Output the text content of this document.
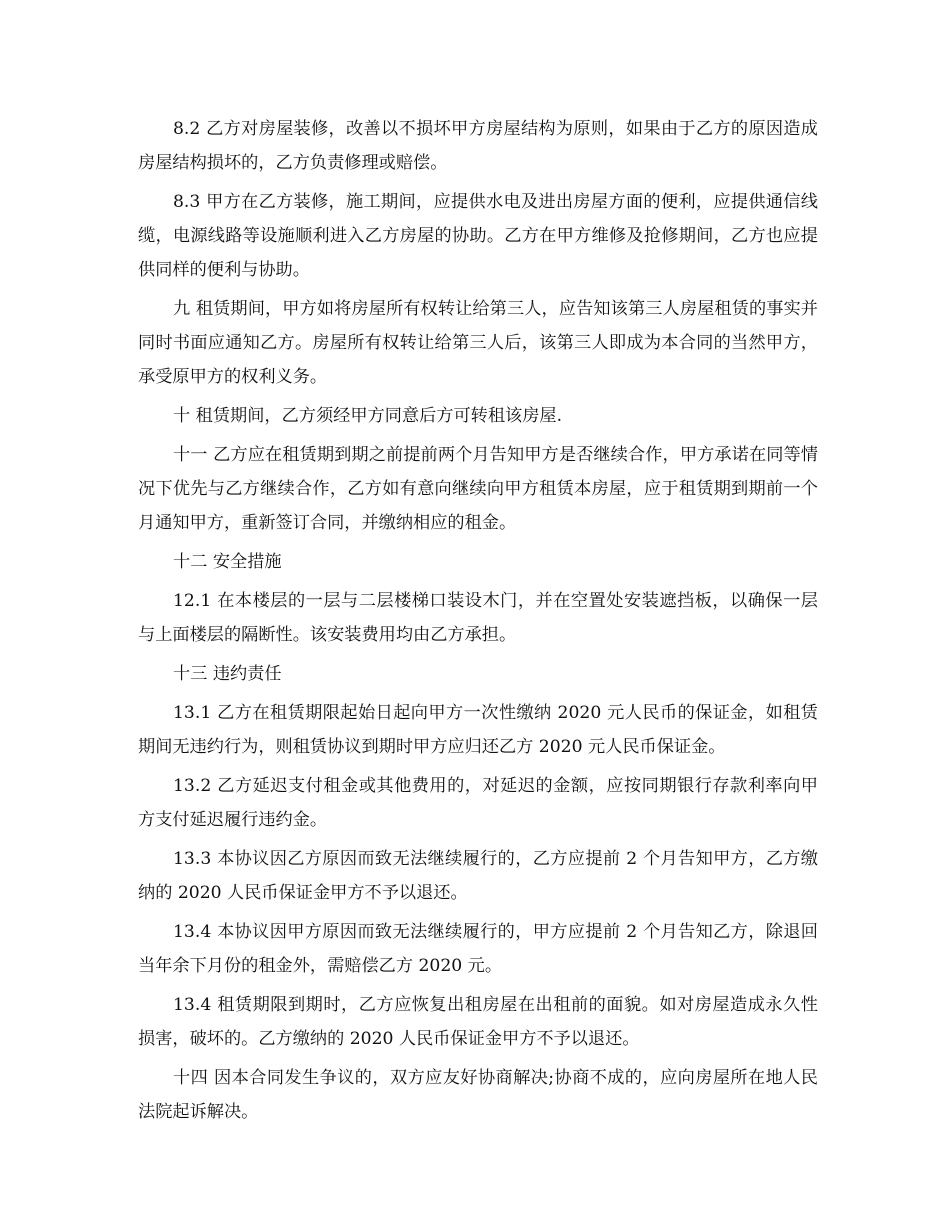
8.2 乙方对房屋装修，改善以不损坏甲方房屋结构为原则，如果由于乙方的原因造成房屋结构损坏的，乙方负责修理或赔偿。

8.3 甲方在乙方装修，施工期间，应提供水电及进出房屋方面的便利，应提供通信线缆，电源线路等设施顺利进入乙方房屋的协助。乙方在甲方维修及抢修期间，乙方也应提供同样的便利与协助。

九 租赁期间，甲方如将房屋所有权转让给第三人，应告知该第三人房屋租赁的事实并同时书面应通知乙方。房屋所有权转让给第三人后，该第三人即成为本合同的当然甲方，承受原甲方的权利义务。

十 租赁期间，乙方须经甲方同意后方可转租该房屋.

十一 乙方应在租赁期到期之前提前两个月告知甲方是否继续合作，甲方承诺在同等情况下优先与乙方继续合作，乙方如有意向继续向甲方租赁本房屋，应于租赁期到期前一个月通知甲方，重新签订合同，并缴纳相应的租金。

十二 安全措施

12.1 在本楼层的一层与二层楼梯口装设木门，并在空置处安装遮挡板，以确保一层与上面楼层的隔断性。该安装费用均由乙方承担。

十三 违约责任

13.1 乙方在租赁期限起始日起向甲方一次性缴纳 2020 元人民币的保证金，如租赁期间无违约行为，则租赁协议到期时甲方应归还乙方 2020 元人民币保证金。

13.2 乙方延迟支付租金或其他费用的，对延迟的金额，应按同期银行存款利率向甲方支付延迟履行违约金。

13.3 本协议因乙方原因而致无法继续履行的，乙方应提前 2 个月告知甲方，乙方缴纳的 2020 人民币保证金甲方不予以退还。

13.4 本协议因甲方原因而致无法继续履行的，甲方应提前 2 个月告知乙方，除退回当年余下月份的租金外，需赔偿乙方 2020 元。

13.4 租赁期限到期时，乙方应恢复出租房屋在出租前的面貌。如对房屋造成永久性损害，破坏的。乙方缴纳的 2020 人民币保证金甲方不予以退还。

十四 因本合同发生争议的，双方应友好协商解决;协商不成的，应向房屋所在地人民法院起诉解决。
